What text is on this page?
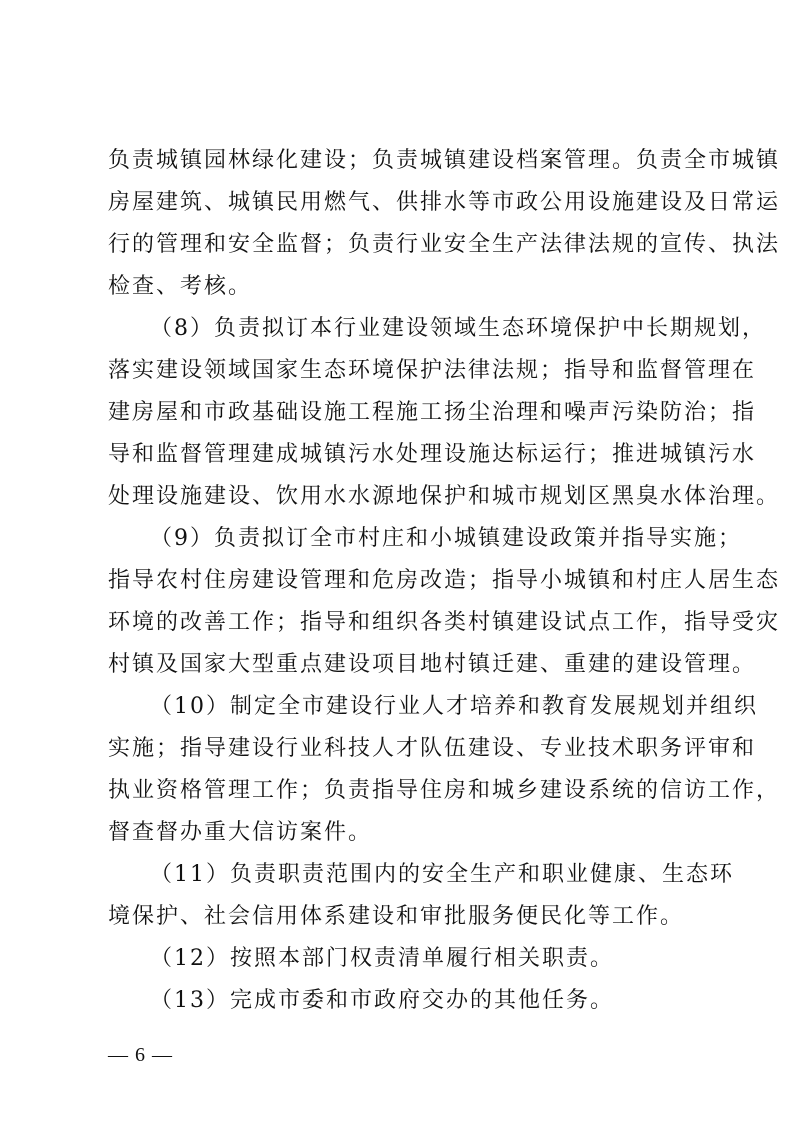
负责城镇园林绿化建设；负责城镇建设档案管理。负责全市城镇
房屋建筑、城镇民用燃气、供排水等市政公用设施建设及日常运
行的管理和安全监督；负责行业安全生产法律法规的宣传、执法
检查、考核。
（8）负责拟订本行业建设领域生态环境保护中长期规划，
落实建设领域国家生态环境保护法律法规；指导和监督管理在
建房屋和市政基础设施工程施工扬尘治理和噪声污染防治；指
导和监督管理建成城镇污水处理设施达标运行；推进城镇污水
处理设施建设、饮用水水源地保护和城市规划区黑臭水体治理。
（9）负责拟订全市村庄和小城镇建设政策并指导实施；
指导农村住房建设管理和危房改造；指导小城镇和村庄人居生态
环境的改善工作；指导和组织各类村镇建设试点工作，指导受灾
村镇及国家大型重点建设项目地村镇迁建、重建的建设管理。
（10）制定全市建设行业人才培养和教育发展规划并组织
实施；指导建设行业科技人才队伍建设、专业技术职务评审和
执业资格管理工作；负责指导住房和城乡建设系统的信访工作，
督查督办重大信访案件。
（11）负责职责范围内的安全生产和职业健康、生态环
境保护、社会信用体系建设和审批服务便民化等工作。
（12）按照本部门权责清单履行相关职责。
（13）完成市委和市政府交办的其他任务。
— 6 —
